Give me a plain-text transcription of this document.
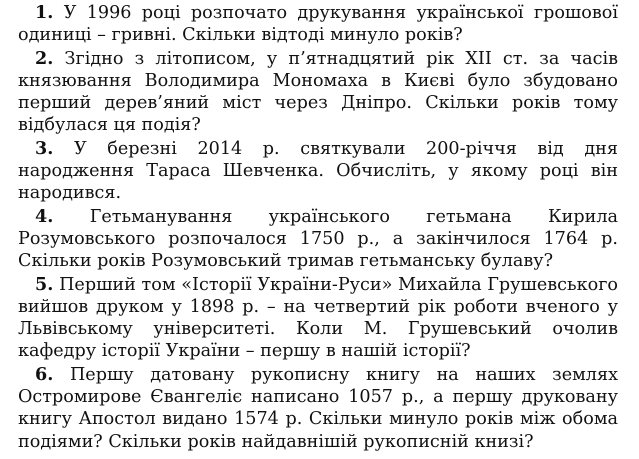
1. У 1996 році розпочато друкування української грошової одиниці – гривні. Скільки відтоді минуло років?

2. Згідно з літописом, у п’ятнадцятий рік XII ст. за часів князювання Володимира Мономаха в Києві було збудовано перший дерев’яний міст через Дніпро. Скільки років тому відбулася ця подія?

3. У березні 2014 р. святкували 200-річчя від дня народження Тараса Шевченка. Обчисліть, у якому році він народився.

4. Гетьманування українського гетьмана Кирила Розумовського розпочалося 1750 р., а закінчилося 1764 р. Скільки років Розумовський тримав гетьманську булаву?

5. Перший том «Історії України-Руси» Михайла Грушевського вийшов друком у 1898 р. – на четвертий рік роботи вченого у Львівському університеті. Коли М. Грушевський очолив кафедру історії України – першу в нашій історії?

6. Першу датовану рукописну книгу на наших землях Остромирове Євангеліє написано 1057 р., а першу друковану книгу Апостол видано 1574 р. Скільки минуло років між обома подіями? Скільки років найдавнішій рукописній книзі?
